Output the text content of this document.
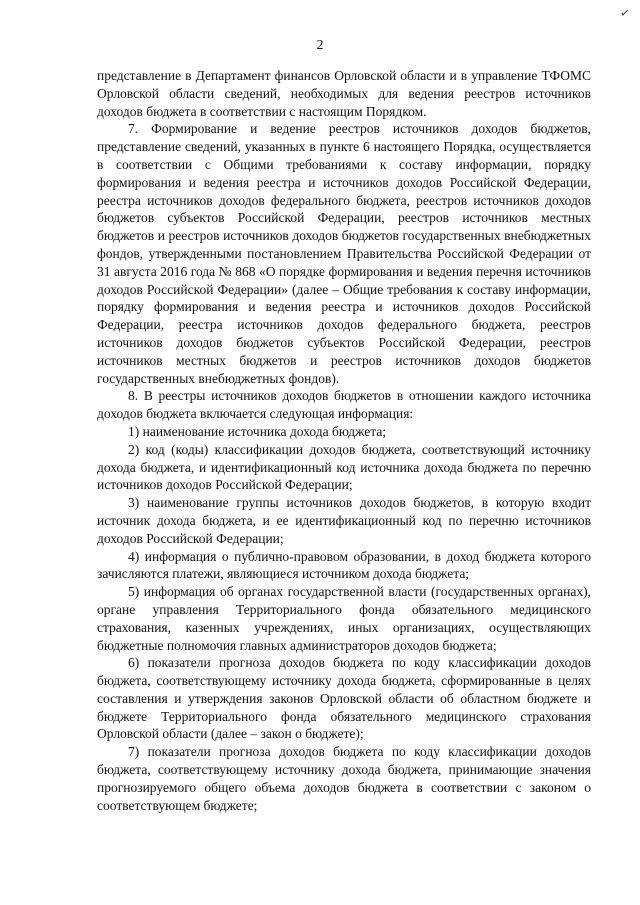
✓
2

представление в Департамент финансов Орловской области и в управление ТФОМС Орловской области сведений, необходимых для ведения реестров источников доходов бюджета в соответствии с настоящим Порядком.

7. Формирование и ведение реестров источников доходов бюджетов, представление сведений, указанных в пункте 6 настоящего Порядка, осуществляется в соответствии с Общими требованиями к составу информации, порядку формирования и ведения реестра и источников доходов Российской Федерации, реестра источников доходов федерального бюджета, реестров источников доходов бюджетов субъектов Российской Федерации, реестров источников местных бюджетов и реестров источников доходов бюджетов государственных внебюджетных фондов, утвержденными постановлением Правительства Российской Федерации от 31 августа 2016 года № 868 «О порядке формирования и ведения перечня источников доходов Российской Федерации» (далее – Общие требования к составу информации, порядку формирования и ведения реестра и источников доходов Российской Федерации, реестра источников доходов федерального бюджета, реестров источников доходов бюджетов субъектов Российской Федерации, реестров источников местных бюджетов и реестров источников доходов бюджетов государственных внебюджетных фондов).

8. В реестры источников доходов бюджетов в отношении каждого источника доходов бюджета включается следующая информация:

1) наименование источника дохода бюджета;

2) код (коды) классификации доходов бюджета, соответствующий источнику дохода бюджета, и идентификационный код источника дохода бюджета по перечню источников доходов Российской Федерации;

3) наименование группы источников доходов бюджетов, в которую входит источник дохода бюджета, и ее идентификационный код по перечню источников доходов Российской Федерации;

4) информация о публично-правовом образовании, в доход бюджета которого зачисляются платежи, являющиеся источником дохода бюджета;

5) информация об органах государственной власти (государственных органах), органе управления Территориального фонда обязательного медицинского страхования, казенных учреждениях, иных организациях, осуществляющих бюджетные полномочия главных администраторов доходов бюджета;

6) показатели прогноза доходов бюджета по коду классификации доходов бюджета, соответствующему источнику дохода бюджета, сформированные в целях составления и утверждения законов Орловской области об областном бюджете и бюджете Территориального фонда обязательного медицинского страхования Орловской области (далее – закон о бюджете);

7) показатели прогноза доходов бюджета по коду классификации доходов бюджета, соответствующему источнику дохода бюджета, принимающие значения прогнозируемого общего объема доходов бюджета в соответствии с законом о соответствующем бюджете;
